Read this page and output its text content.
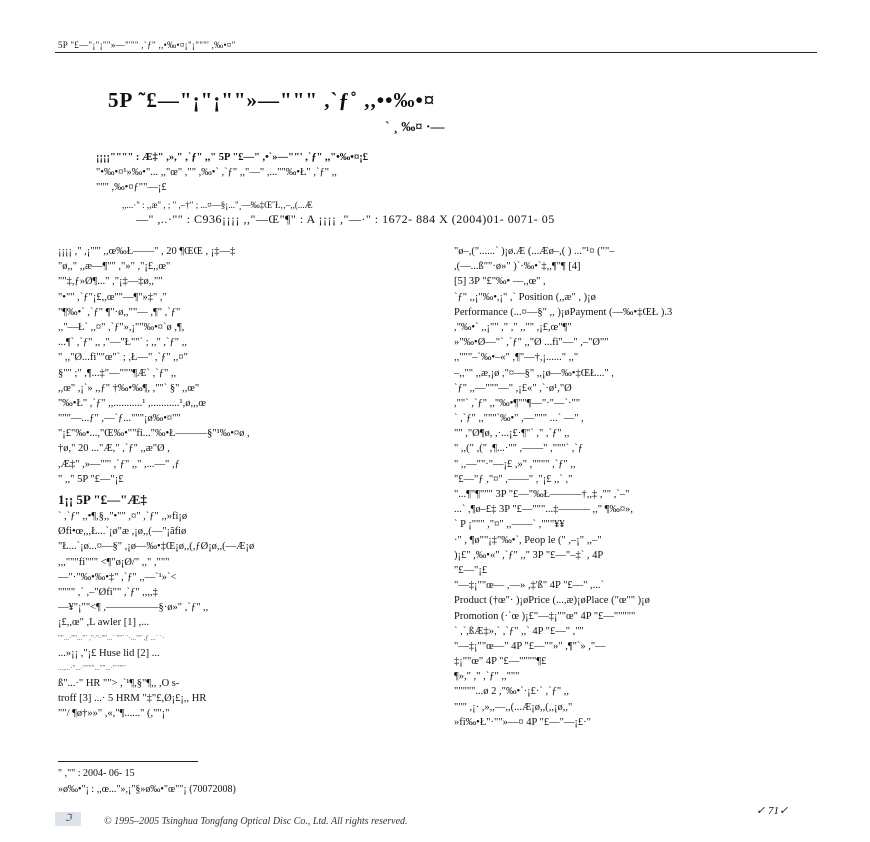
5P "£—"¡"¡""»—"'"" ,`ƒ" ,,•‰•¤¡"¡"""' ,‰•¤"
5P ˜£—"¡"¡""»—""" ,`ƒ˚ ,,••‰•¤
` ¸ ‰¤ ·—
¡¡¡¡"""" : Æ‡" ,»," ,`ƒ" ,," 5P "£—" ,•`»—""' ,`ƒ" ,,"•‰•¤¡£
"•‰•¤¹»‰•"... ,,"œ" ,"" ,‰•` ,`ƒ" ,,"—" ,...""‰•Ł" ,`ƒ" ,,
""" ,‰•¤ƒ""—¡£
,,...·" : ,,æ" , ; " ,–†" ; ...¤—§¡..."¸—‰‡Œ˝Ł,‚–,,(...Æ
—" ,..·"" : C936¡¡¡¡ ,,"—Œ"¶" : A ¡¡¡¡ ,"—·" : 1672- 884 X (2004)01- 0071- 05
¡¡¡¡ ," ,¡""' ,,œ‰Ł——" , 20 ¶ŒŒ , ¡‡—‡
"ø,," ,,æ—¶"" ,"»" ,"¡£,,œ"
""‡,ƒ»Ø¶..." ,"¡‡—‡ø,,""
"•"" ,`ƒ"¡£,,œ""—¶"»‡" ,"
"¶‰•` ,`ƒ" ¶"·ø,,""— ,¶" ,`ƒ"
,,"—Ł` ,,¤" ,`ƒ"»,¡""‰•¤`ø ,¶,
...¶` ,`ƒ" ,, ,"—"Ł""` ; ,," ,`ƒ" ,,
" ,,"Ø...fi""œ"` ; ,Ł—" ,`ƒ" ,,¤"
§"" ;" ,¶...‡"—"""¶Æ` ,`ƒ" ,,
,,œ" ,¡`» ,,ƒ" †‰•‰¶, ,""` §" ,,œ"
"‰•Ł" ,`ƒ" ,,...........¹ ,...........¹,ø,,,œ
"""—...ƒ" ,—`ƒ..."""¡ø‰•¤""
"¡£"‰•...,"Œ‰•""fi..."‰•Ł———§"¹‰•¤ø ,
†ø," 20 ..."Æ," ,`ƒ" ,,æ"Ø ,
,Æ‡" ,»—""' ,`ƒ" ,," ,...—" ,ƒ
" ,," 5P "£—"¡£
1¡¡ 5P "£—"Æ‡
` ,`ƒ" ,,•¶,§,,"•"" ,¤" ,`ƒ" ,,»fi¡ø
Øfi•œ,,,Ł...`¡ø"æ ,¡ø,,(—"¡ãfiø
"Ł...`¡ø...¤—§" ,¡ø—‰•‡Œ¡ø,,(,ƒØ¡ø,,(—Æ¡ø
,,,"""fi""" <¶"ø¡Ø/" ,," ,"""
—"·"‰•‰•‡" ,`ƒ" ,,—`¹»`<
"""" ,` ,–"Øfi"" ,`ƒ" ,,,,‡
—¥"¡""<¶ ,—————§·ø»" ,`ƒ" ,,
¡£,,œ" ,L awler [1] ,...
""...·""..."` ,"·"·""...` ""` `·..."" ,ƒ ...` `·
...»¡¡ ,"¡£ Huse lid [2] ...
...,...·"...·""""...""...·"`""`
ß"...·" HR ""> ,`¹¶,§"¶,, ,O s-
troff [3] ...· 5 HRM "‡"£,Ø¡£¡,, HR
""/ ¶ø†»»" ,«,"¶......" (,""¡"
"ø–,("......` )¡ø.Æ (...Æø–,( ) ..."¹¤ (""–
,(—...ß""·ø»" )`·‰•`‡,,¶"¶ [4]
[5] 3P "£"‰• —,,œ" ,
`ƒ" ,,¡"‰•,¡" ,` Position (,,æ" , )¡ø
Performance (...¤—§" ,, )¡øPayment (—‰•‡ŒŁ ).3
,"‰•` ,,¡"" ," ," ,,"" ,¡£,œ"¶"
»"‰•Ø—"` ,`ƒ" ,,"Ø ...fi"—" ,–"Ø""
,,"""–`‰•–«" ,¶"—†,¡......" ,,"
–,,"" ,,æ,¡ø ,"¤—§" ,,¡ø—‰•‡ŒŁ..." ,
`ƒ" ,,—"""—" ,¡£«" ,`·ø¹,"Ø
,""` ,`ƒ" ,,"‰•¶""¶—"·"—`·""
` ,`ƒ" ,,"""`‰•" ,—""" ...` —" ,
"" ,"Ø¶ø, ,·...¡£·¶"` ," ,`ƒ" ,,
" ,,(" ,(" ,¶...·"" ,——" ,"""` ,`ƒ
" ,,—""·"—¡£ ,»" ,"""" ,`ƒ" ,,
"£—"ƒ ,"¤" ,——" ,"¡£ ,,` ,"
"...¶"¶""" 3P "£—"‰Ł———†,,‡ ,"" ,`–"
...` ,¶ø–£‡ 3P "£—"""...‡——— ,," ¶‰¤»,
` P ¡""" ,"¤" ,,——` ,"""¥¥
·" , ¶ø""¡‡"‰•`, Peop le (" ,–¡" ,,–"
)¡£" ,‰•«" ,`ƒ" ,," 3P "£—"–‡` , 4P
"£—"¡£
"—‡¡""œ— ,—» ,‡'ß" 4P "£—" ,...`
Product (†œ"· )¡øPrice (...,æ)¡øPlace ("œ"" )¡ø
Promotion (·`œ )¡£"—‡¡""œ" 4P "£—"""""
` ,`,ßÆ‡»,` ,`ƒ" ,,` 4P "£—" ,""
"—‡¡""œ—" 4P "£—""»" ,¶"`» ,"—
‡¡""œ" 4P "£—""""¶£
¶»," ," ,`ƒ" ,,"""
"""""...ø 2 ,"‰•`·¡£·` ,`ƒ" ,,
""" ,¡· ,»,,—,,(...Æ¡ø,,(,,¡ø,,"
»fi‰•Ł"·""»—¤ 4P "£—"—¡£·"
" ,"" : 2004- 06- 15
»ø‰•"¡ : ,,œ..."»,¡"§»ø‰•"œ""¡ (70072008)
✓ 71✓
ℑ	© 1995–2005 Tsinghua Tongfang Optical Disc Co., Ltd. All rights reserved.
